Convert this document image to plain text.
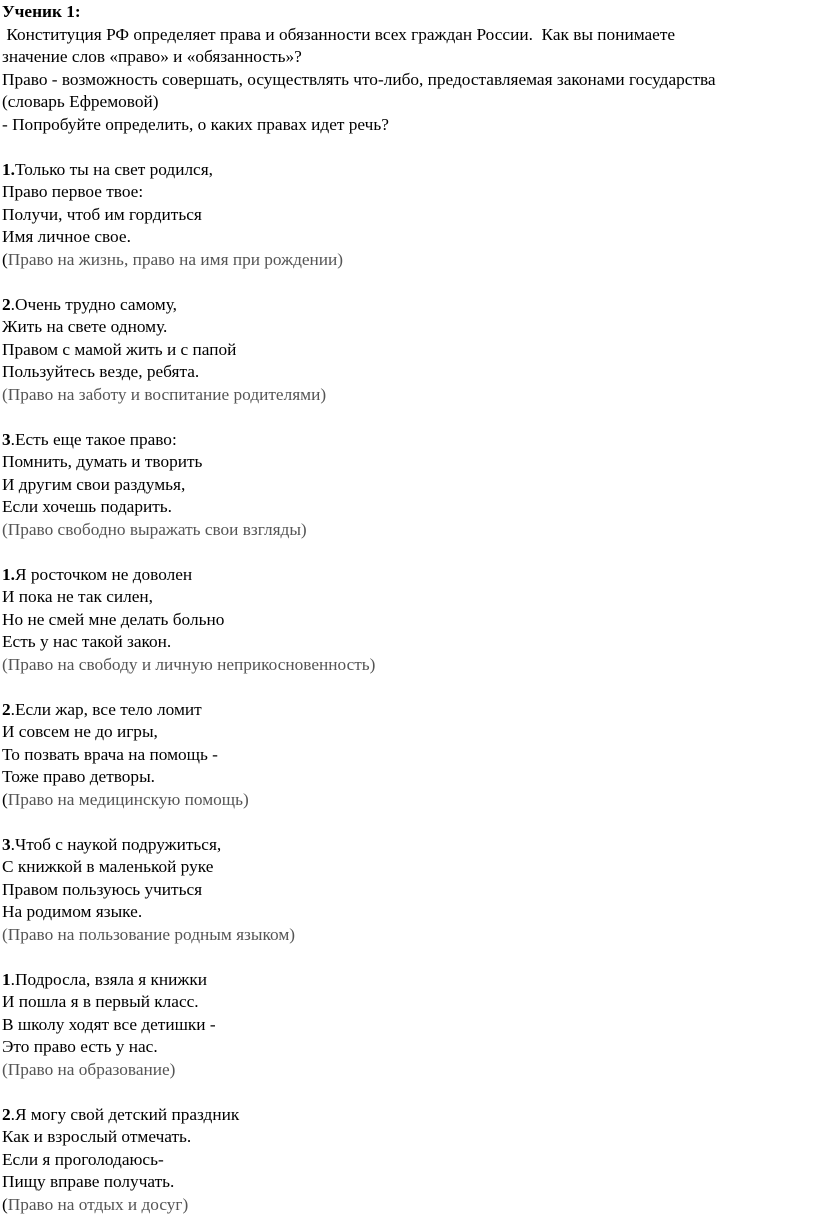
Ученик 1:
Конституция РФ определяет права и обязанности всех граждан России.  Как вы понимаете
значение слов «право» и «обязанность»?
Право - возможность совершать, осуществлять что-либо, предоставляемая законами государства
(словарь Ефремовой)
- Попробуйте определить, о каких правах идет речь?
1.Только ты на свет родился,
Право первое твое:
Получи, чтоб им гордиться
Имя личное свое.
(Право на жизнь, право на имя при рождении)
2.Очень трудно самому,
Жить на свете одному.
Правом с мамой жить и с папой
Пользуйтесь везде, ребята.
(Право на заботу и воспитание родителями)
3.Есть еще такое право:
Помнить, думать и творить
И другим свои раздумья,
Если хочешь подарить.
(Право свободно выражать свои взгляды)
1.Я росточком не доволен
И пока не так силен,
Но не смей мне делать больно
Есть у нас такой закон.
(Право на свободу и личную неприкосновенность)
2.Если жар, все тело ломит
И совсем не до игры,
То позвать врача на помощь -
Тоже право детворы.
(Право на медицинскую помощь)
3.Чтоб с наукой подружиться,
С книжкой в маленькой руке
Правом пользуюсь учиться
На родимом языке.
(Право на пользование родным языком)
1.Подросла, взяла я книжки
И пошла я в первый класс.
В школу ходят все детишки -
Это право есть у нас.
(Право на образование)
2.Я могу свой детский праздник
Как и взрослый отмечать.
Если я проголодаюсь-
Пищу вправе получать.
(Право на отдых и досуг)
